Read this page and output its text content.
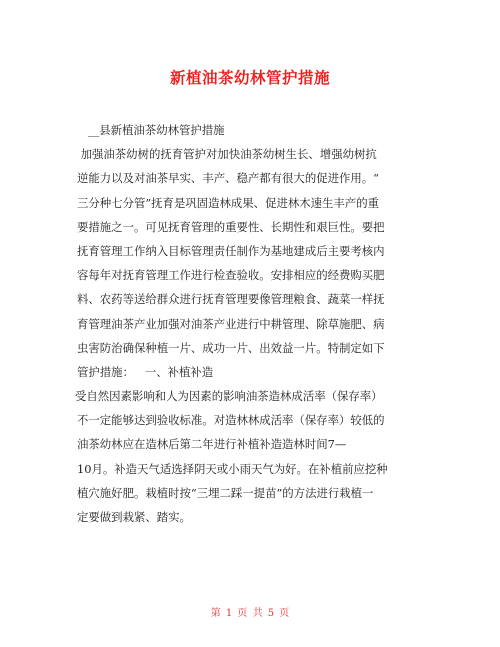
新植油茶幼林管护措施
__县新植油茶幼林管护措施
加强油茶幼树的抚育管护对加快油茶幼树生长、增强幼树抗
逆能力以及对油茶早实、丰产、稳产都有很大的促进作用。“
三分种七分管”抚育是巩固造林成果、促进林木速生丰产的重
要措施之一。可见抚育管理的重要性、长期性和艰巨性。要把
抚育管理工作纳入目标管理责任制作为基地建成后主要考核内
容每年对抚育管理工作进行检查验收。安排相应的经费购买肥
料、农药等送给群众进行抚育管理要像管理粮食、蔬菜一样抚
育管理油茶产业加强对油茶产业进行中耕管理、除草施肥、病
虫害防治确保种植一片、成功一片、出效益一片。特制定如下
管护措施：   一、补植补造
受自然因素影响和人为因素的影响油茶造林成活率（保存率）
不一定能够达到验收标准。对造林林成活率（保存率）较低的
油茶幼林应在造林后第二年进行补植补造造林时间7—
10月。补造天气适选择阴天或小雨天气为好。在补植前应挖种
植穴施好肥。栽植时按“三埋二踩一提苗”的方法进行栽植一
定要做到栽紧、踏实。
第 1 页 共 5 页
